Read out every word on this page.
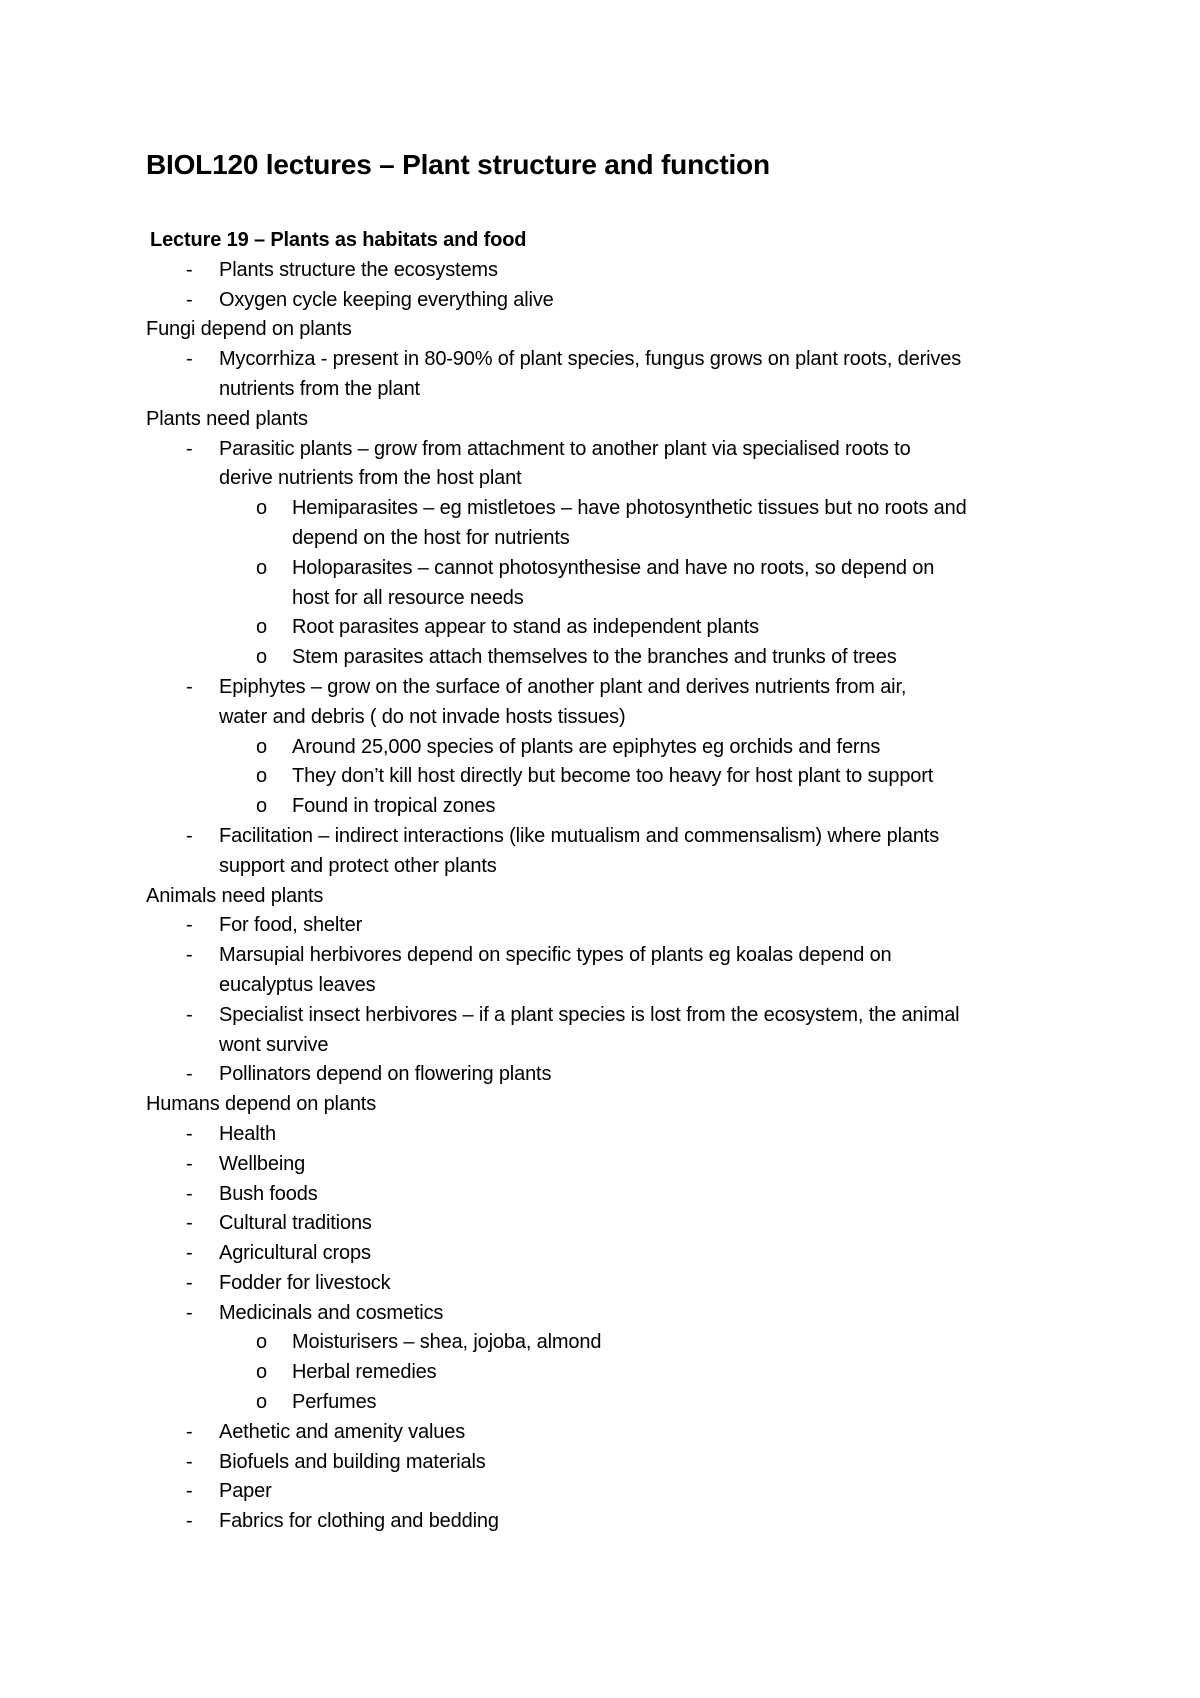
BIOL120 lectures – Plant structure and function
Lecture 19 – Plants as habitats and food
- Plants structure the ecosystems
- Oxygen cycle keeping everything alive
Fungi depend on plants
- Mycorrhiza - present in 80-90% of plant species, fungus grows on plant roots, derives
nutrients from the plant
Plants need plants
- Parasitic plants – grow from attachment to another plant via specialised roots to
derive nutrients from the host plant
o Hemiparasites – eg mistletoes – have photosynthetic tissues but no roots and
depend on the host for nutrients
o Holoparasites – cannot photosynthesise and have no roots, so depend on
host for all resource needs
o Root parasites appear to stand as independent plants
o Stem parasites attach themselves to the branches and trunks of trees
- Epiphytes – grow on the surface of another plant and derives nutrients from air,
water and debris ( do not invade hosts tissues)
o Around 25,000 species of plants are epiphytes eg orchids and ferns
o They don’t kill host directly but become too heavy for host plant to support
o Found in tropical zones
- Facilitation – indirect interactions (like mutualism and commensalism) where plants
support and protect other plants
Animals need plants
- For food, shelter
- Marsupial herbivores depend on specific types of plants eg koalas depend on
eucalyptus leaves
- Specialist insect herbivores – if a plant species is lost from the ecosystem, the animal
wont survive
- Pollinators depend on flowering plants
Humans depend on plants
- Health
- Wellbeing
- Bush foods
- Cultural traditions
- Agricultural crops
- Fodder for livestock
- Medicinals and cosmetics
o Moisturisers – shea, jojoba, almond
o Herbal remedies
o Perfumes
- Aethetic and amenity values
- Biofuels and building materials
- Paper
- Fabrics for clothing and bedding
